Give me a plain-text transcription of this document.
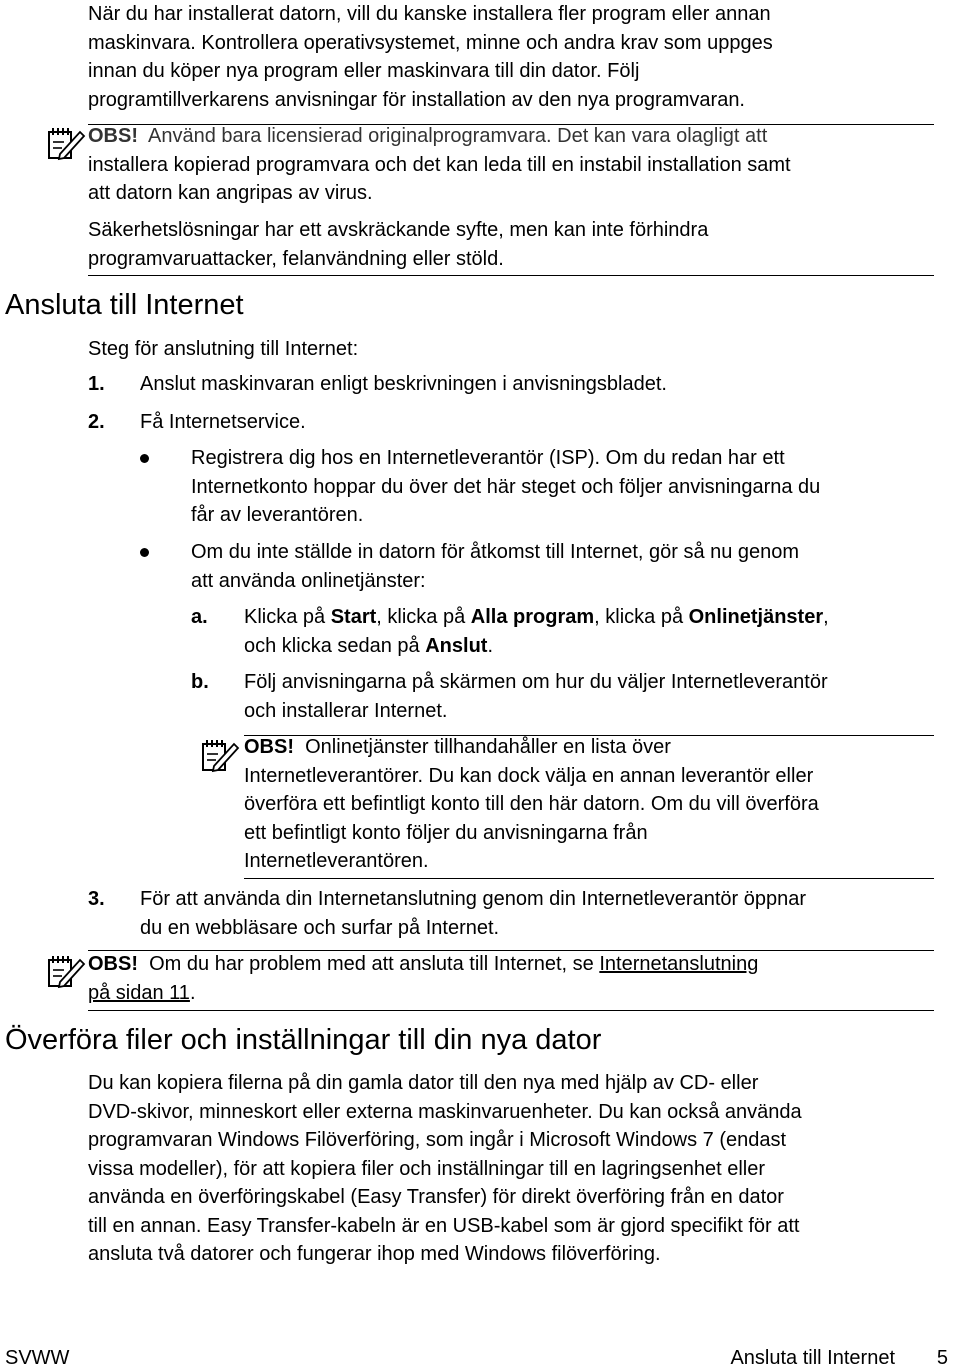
När du har installerat datorn, vill du kanske installera fler program eller annan
maskinvara. Kontrollera operativsystemet, minne och andra krav som uppges
innan du köper nya program eller maskinvara till din dator. Följ
programtillverkarens anvisningar för installation av den nya programvaran.
OBS! Använd bara licensierad originalprogramvara. Det kan vara olagligt att
installera kopierad programvara och det kan leda till en instabil installation samt
att datorn kan angripas av virus.
Säkerhetslösningar har ett avskräckande syfte, men kan inte förhindra
programvaruattacker, felanvändning eller stöld.
Ansluta till Internet
Steg för anslutning till Internet:
1. Anslut maskinvaran enligt beskrivningen i anvisningsbladet.
2. Få Internetservice.
Registrera dig hos en Internetleverantör (ISP). Om du redan har ett
Internetkonto hoppar du över det här steget och följer anvisningarna du
får av leverantören.
Om du inte ställde in datorn för åtkomst till Internet, gör så nu genom
att använda onlinetjänster:
a. Klicka på Start, klicka på Alla program, klicka på Onlinetjänster,
och klicka sedan på Anslut.
b. Följ anvisningarna på skärmen om hur du väljer Internetleverantör
och installerar Internet.
OBS! Onlinetjänster tillhandahåller en lista över
Internetleverantörer. Du kan dock välja en annan leverantör eller
överföra ett befintligt konto till den här datorn. Om du vill överföra
ett befintligt konto följer du anvisningarna från
Internetleverantören.
3. För att använda din Internetanslutning genom din Internetleverantör öppnar
du en webbläsare och surfar på Internet.
OBS! Om du har problem med att ansluta till Internet, se Internetanslutning
på sidan 11.
Överföra filer och inställningar till din nya dator
Du kan kopiera filerna på din gamla dator till den nya med hjälp av CD- eller
DVD-skivor, minneskort eller externa maskinvaruenheter. Du kan också använda
programvaran Windows Filöverföring, som ingår i Microsoft Windows 7 (endast
vissa modeller), för att kopiera filer och inställningar till en lagringsenhet eller
använda en överföringskabel (Easy Transfer) för direkt överföring från en dator
till en annan. Easy Transfer-kabeln är en USB-kabel som är gjord specifikt för att
ansluta två datorer och fungerar ihop med Windows filöverföring.
SVWW	Ansluta till Internet 5
